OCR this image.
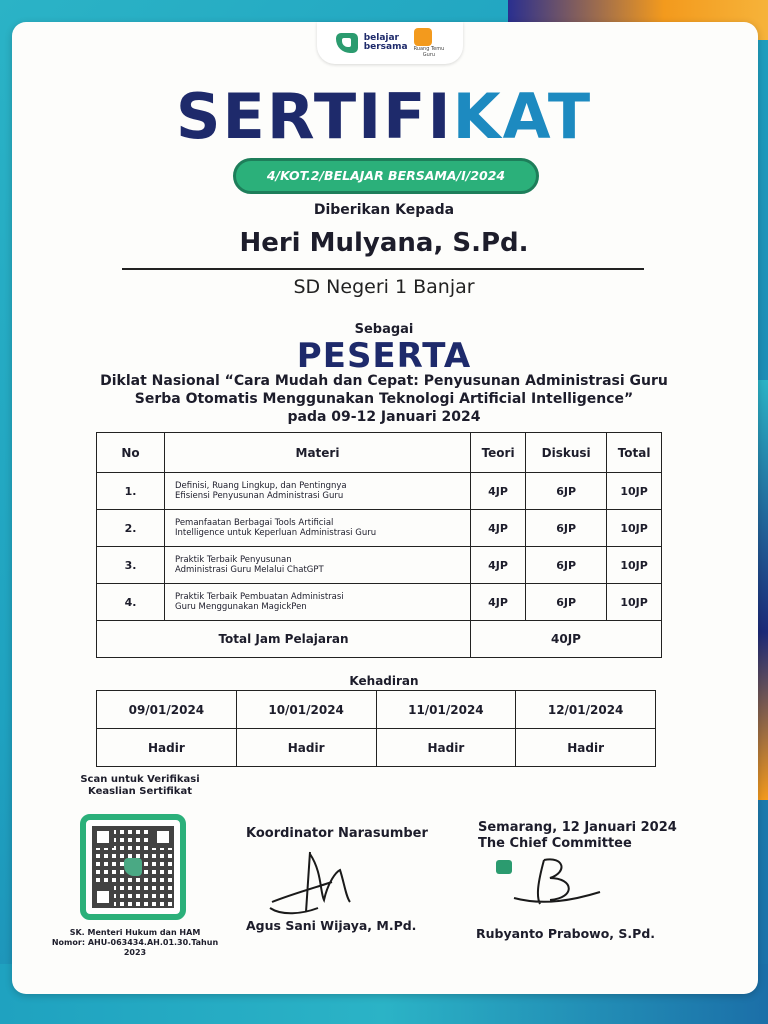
belajar
bersama Ruang Temu
Guru
SERTIFIKAT
4/KOT.2/BELAJAR BERSAMA/I/2024
Diberikan Kepada
Heri Mulyana, S.Pd.
SD Negeri 1 Banjar
Sebagai
PESERTA
Diklat Nasional “Cara Mudah dan Cepat: Penyusunan Administrasi Guru
Serba Otomatis Menggunakan Teknologi Artificial Intelligence”
pada 09-12 Januari 2024
No	Materi	Teori	Diskusi	Total
1.	Definisi, Ruang Lingkup, dan Pentingnya
Efisiensi Penyusunan Administrasi Guru	4JP	6JP	10JP
2.	Pemanfaatan Berbagai Tools Artificial
Intelligence untuk Keperluan Administrasi Guru	4JP	6JP	10JP
3.	Praktik Terbaik Penyusunan
Administrasi Guru Melalui ChatGPT	4JP	6JP	10JP
4.	Praktik Terbaik Pembuatan Administrasi
Guru Menggunakan MagickPen	4JP	6JP	10JP
Total Jam Pelajaran		40JP		
Kehadiran
09/01/2024	10/01/2024	11/01/2024	12/01/2024
Hadir	Hadir	Hadir	Hadir
Scan untuk Verifikasi
Keaslian Sertifikat
SK. Menteri Hukum dan HAM
Nomor: AHU-063434.AH.01.30.Tahun
2023
Koordinator Narasumber
Agus Sani Wijaya, M.Pd.
Semarang, 12 Januari 2024
The Chief Committee
Rubyanto Prabowo, S.Pd.
